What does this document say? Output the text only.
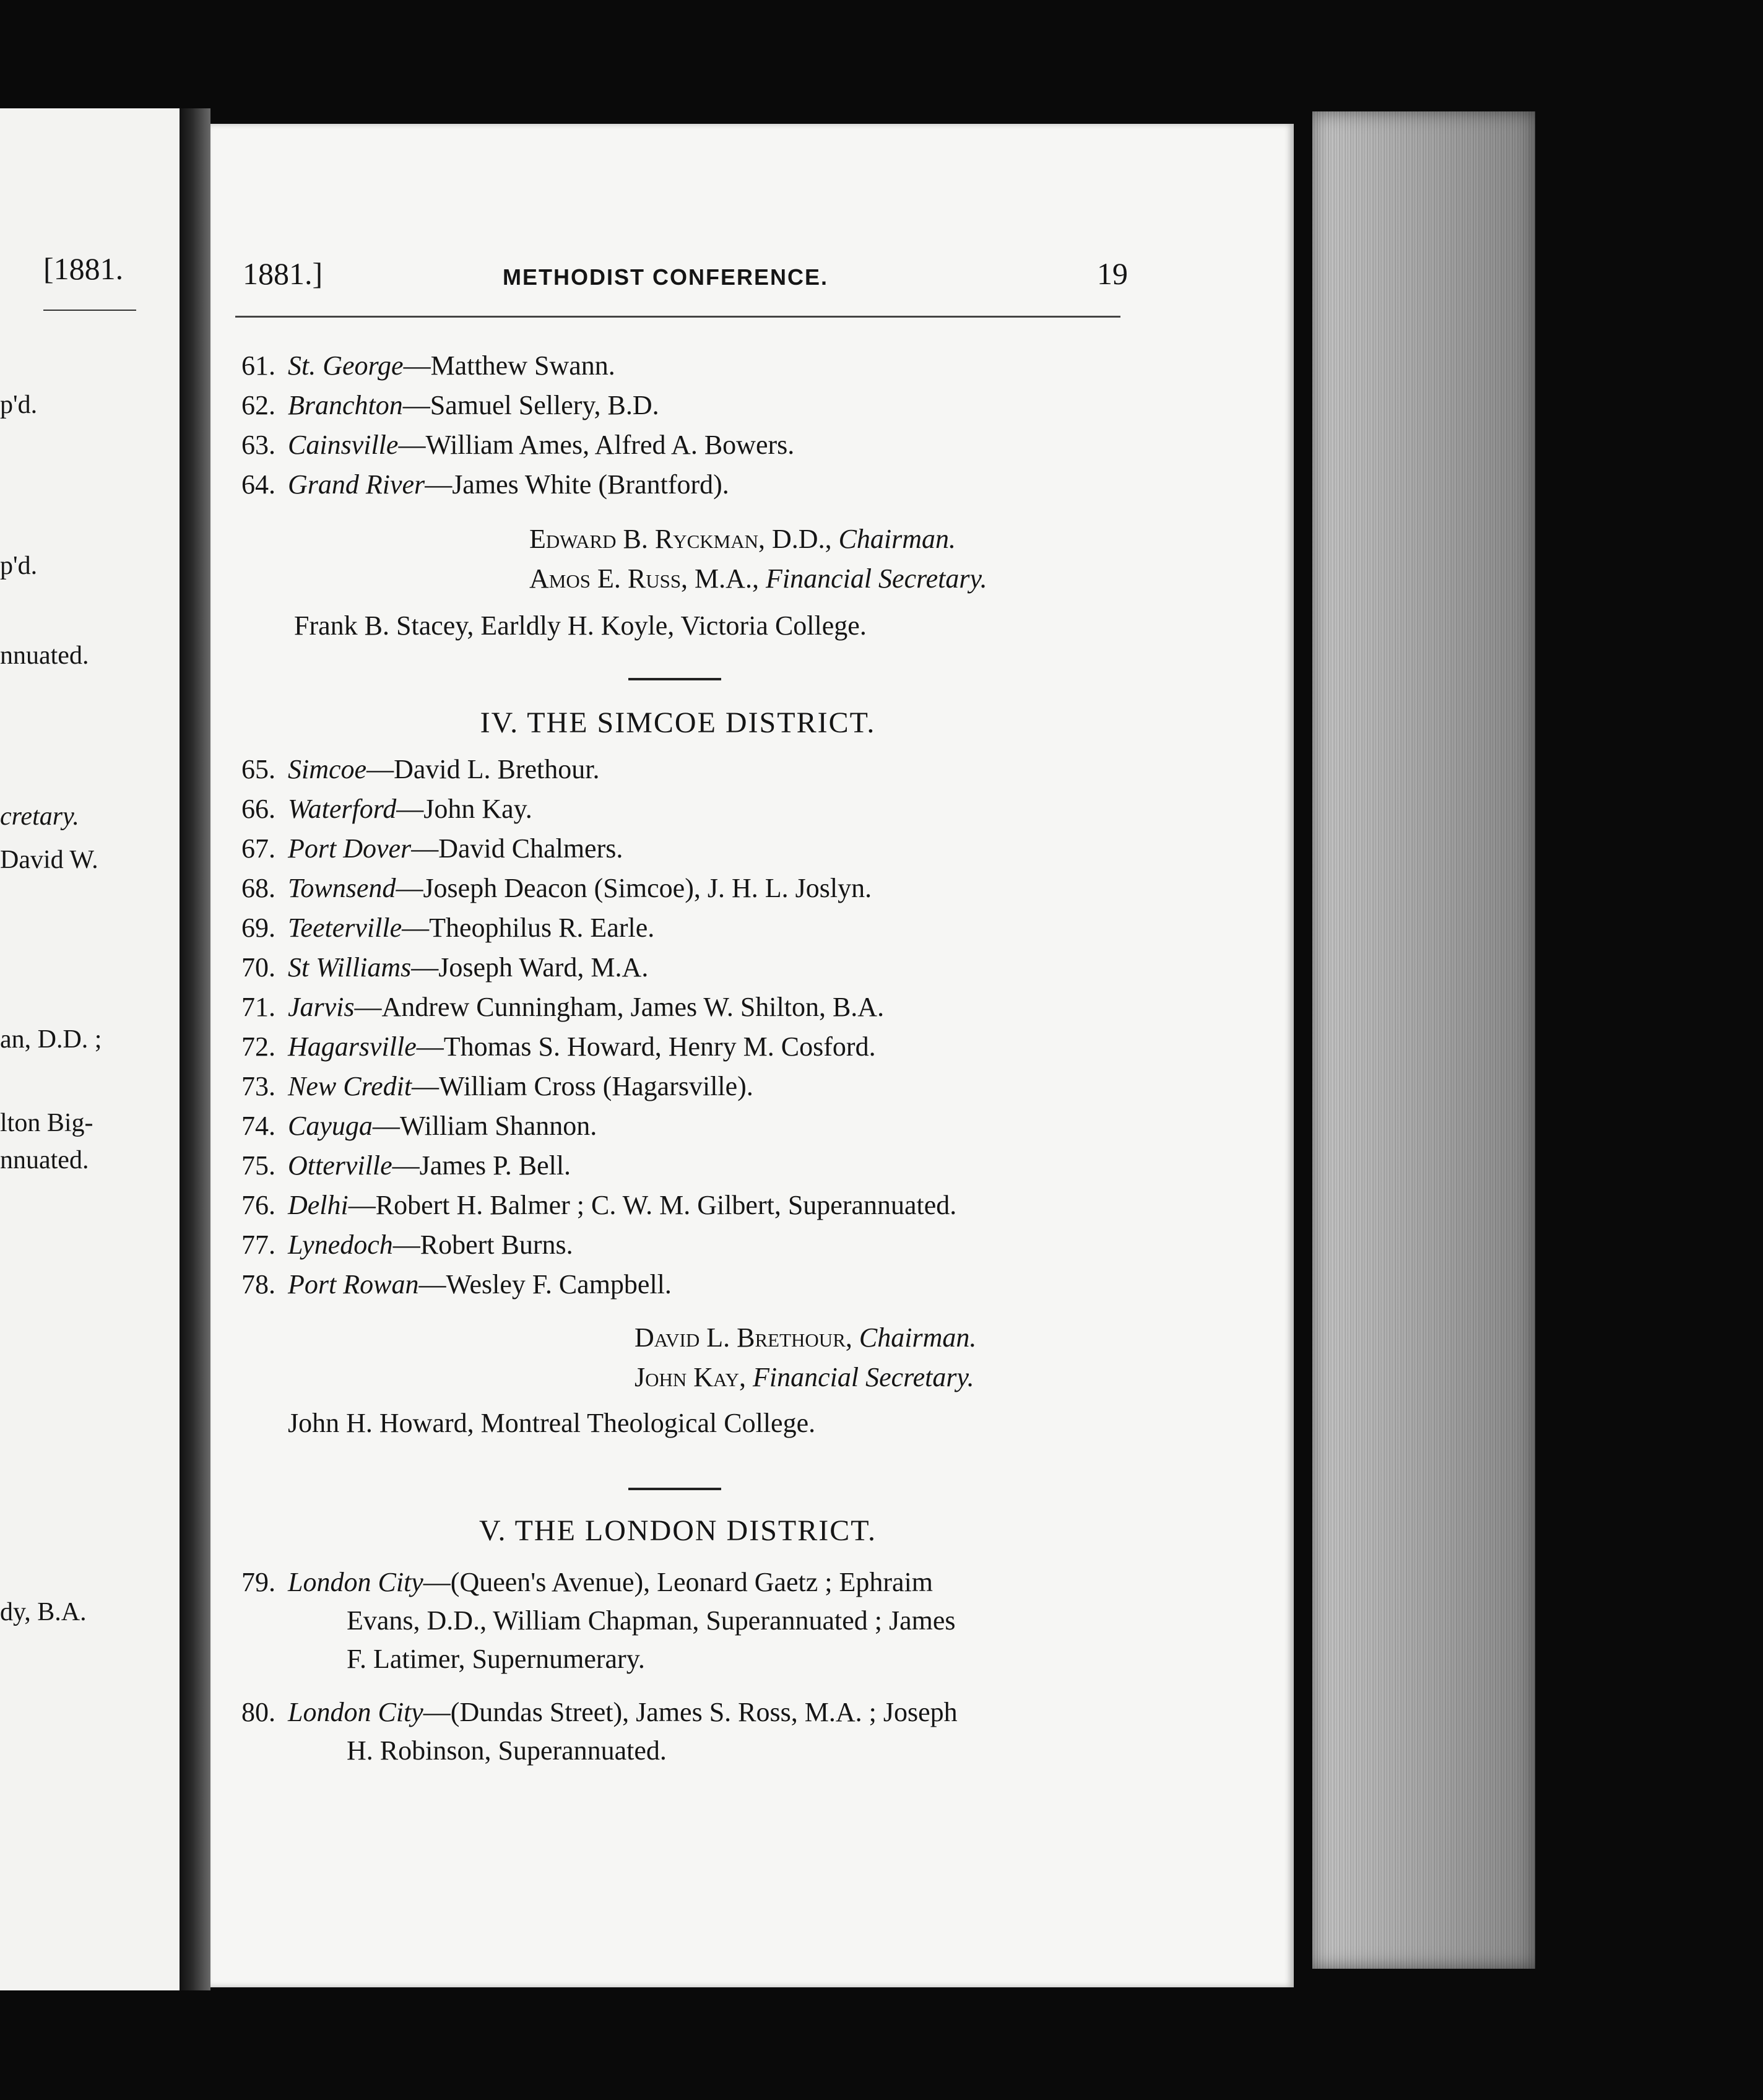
[1881.
p'd.
p'd.
nnuated.
cretary.
David W.
an, D.D. ;
lton Big-
nnuated.
dy, B.A.
1881.]	METHODIST CONFERENCE.	19
61. St. George—Matthew Swann.
62. Branchton—Samuel Sellery, B.D.
63. Cainsville—William Ames, Alfred A. Bowers.
64. Grand River—James White (Brantford).
Edward B. Ryckman, D.D., Chairman.
Amos E. Russ, M.A., Financial Secretary.
Frank B. Stacey, Earldly H. Koyle, Victoria College.
IV. THE SIMCOE DISTRICT.
65. Simcoe—David L. Brethour.
66. Waterford—John Kay.
67. Port Dover—David Chalmers.
68. Townsend—Joseph Deacon (Simcoe), J. H. L. Joslyn.
69. Teeterville—Theophilus R. Earle.
70. St Williams—Joseph Ward, M.A.
71. Jarvis—Andrew Cunningham, James W. Shilton, B.A.
72. Hagarsville—Thomas S. Howard, Henry M. Cosford.
73. New Credit—William Cross (Hagarsville).
74. Cayuga—William Shannon.
75. Otterville—James P. Bell.
76. Delhi—Robert H. Balmer ; C. W. M. Gilbert, Superannuated.
77. Lynedoch—Robert Burns.
78. Port Rowan—Wesley F. Campbell.
David L. Brethour, Chairman.
John Kay, Financial Secretary.
John H. Howard, Montreal Theological College.
V. THE LONDON DISTRICT.
79. London City—(Queen's Avenue), Leonard Gaetz ; Ephraim
Evans, D.D., William Chapman, Superannuated ; James
F. Latimer, Supernumerary.
80. London City—(Dundas Street), James S. Ross, M.A. ; Joseph
H. Robinson, Superannuated.
